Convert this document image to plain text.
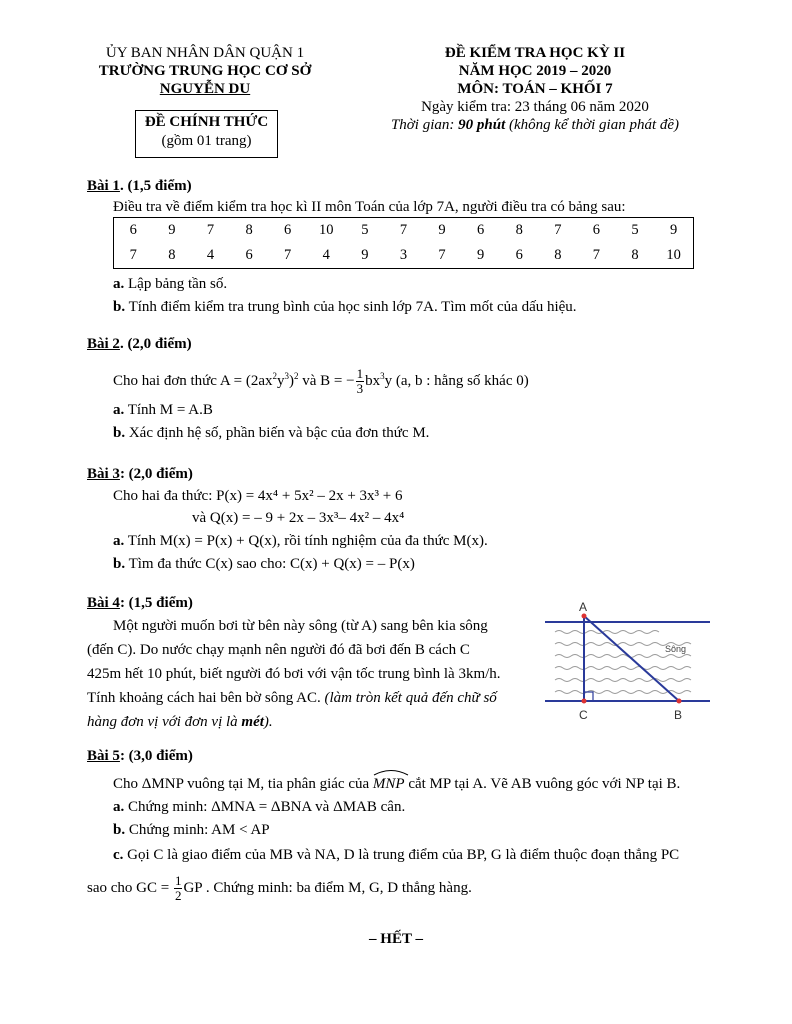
ỦY BAN NHÂN DÂN QUẬN 1
TRƯỜNG TRUNG HỌC CƠ SỞ
NGUYỄN DU
ĐỀ CHÍNH THỨC
(gồm 01 trang)
ĐỀ KIỂM TRA HỌC KỲ II
NĂM HỌC 2019 – 2020
MÔN: TOÁN – KHỐI 7
Ngày kiểm tra: 23 tháng 06 năm 2020
Thời gian: 90 phút (không kể thời gian phát đề)
Bài 1. (1,5 điểm)
Điều tra về điểm kiểm tra học kì II môn Toán của lớp 7A, người điều tra có bảng sau:
6	9	7	8	6	10	5	7	9	6	8	7	6	5	9
7	8	4	6	7	4	9	3	7	9	6	8	7	8	10
a. Lập bảng tần số.
b. Tính điểm kiểm tra trung bình của học sinh lớp 7A. Tìm mốt của dấu hiệu.
Bài 2. (2,0 điểm)
Cho hai đơn thức $A = (2ax^2y^3)^2$ và B = − $\frac{1}{3} bx^3y$ (a, b : hằng số khác 0)
a. Tính M = A.B
b. Xác định hệ số, phần biến và bậc của đơn thức M.
Bài 3: (2,0 điểm)
Cho hai đa thức: P(x) = 4x⁴ + 5x² – 2x + 3x³ + 6
và Q(x) = – 9 + 2x – 3x³– 4x² – 4x⁴
a. Tính M(x) = P(x) + Q(x), rồi tính nghiệm của đa thức M(x).
b. Tìm đa thức C(x) sao cho: C(x) + Q(x) = – P(x)
Bài 4: (1,5 điểm)
Một người muốn bơi từ bên này sông (từ A) sang bên kia sông
(đến C). Do nước chạy mạnh nên người đó đã bơi đến B cách C
425m hết 10 phút, biết người đó bơi với vận tốc trung bình là 3km/h.
Tính khoảng cách hai bên bờ sông AC. (làm tròn kết quả đến chữ số
hàng đơn vị với đơn vị là mét).
A
C	B
Sông
Bài 5: (3,0 điểm)
Cho ΔMNP vuông tại M, tia phân giác của
MNP cắt MP tại A. Vẽ AB vuông góc với NP tại B.
a. Chứng minh: ΔMNA = ΔBNA và ΔMAB cân.
b. Chứng minh: AM < AP
c. Gọi C là giao điểm của MB và NA, D là trung điểm của BP, G là điểm thuộc đoạn thẳng PC
sao cho GC = $\frac{1}{2}$ GP . Chứng minh: ba điểm M, G, D thẳng hàng.
– HẾT –
